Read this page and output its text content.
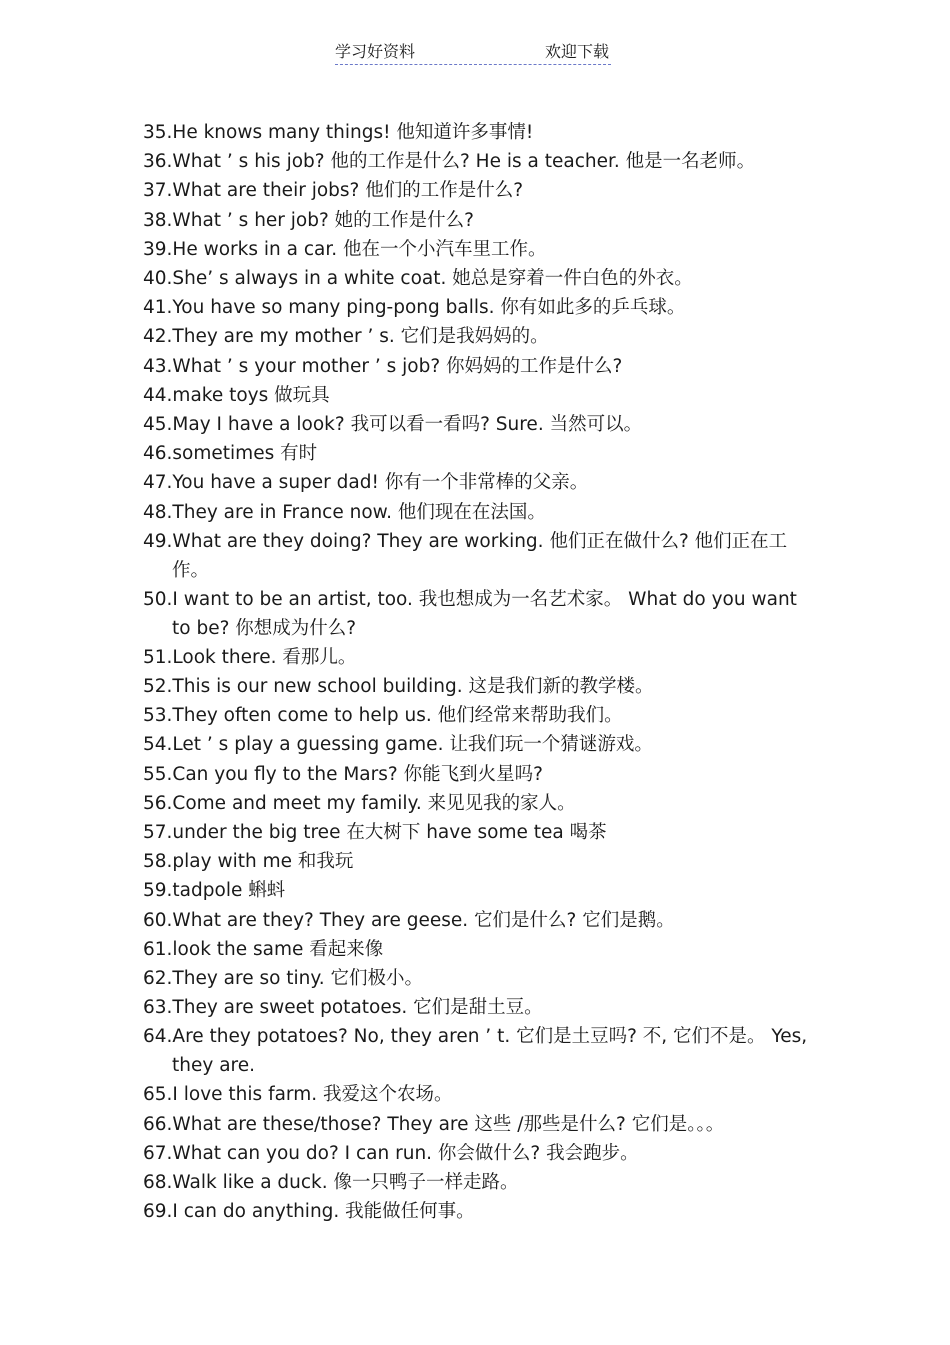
学习好资料	欢迎下载
35.He knows many things! 他知道许多事情!
36.What ’ s his job? 他的工作是什么? He is a teacher. 他是一名老师。
37.What are their jobs? 他们的工作是什么?
38.What ’ s her job? 她的工作是什么?
39.He works in a car. 他在一个小汽车里工作。
40.She’ s always in a white coat. 她总是穿着一件白色的外衣。
41.You have so many ping-pong balls. 你有如此多的乒乓球。
42.They are my mother ’ s. 它们是我妈妈的。
43.What ’ s your mother ’ s job? 你妈妈的工作是什么?
44.make toys 做玩具
45.May I have a look? 我可以看一看吗? Sure. 当然可以。
46.sometimes 有时
47.You have a super dad! 你有一个非常棒的父亲。
48.They are in France now. 他们现在在法国。
49.What are they doing? They are working. 他们正在做什么? 他们正在工作。
50.I want to be an artist, too. 我也想成为一名艺术家。 What do you want to be? 你想成为什么?
51.Look there. 看那儿。
52.This is our new school building. 这是我们新的教学楼。
53.They often come to help us. 他们经常来帮助我们。
54.Let ’ s play a guessing game. 让我们玩一个猜谜游戏。
55.Can you fly to the Mars? 你能飞到火星吗?
56.Come and meet my family. 来见见我的家人。
57.under the big tree 在大树下 have some tea 喝茶
58.play with me 和我玩
59.tadpole 蝌蚪
60.What are they? They are geese. 它们是什么? 它们是鹅。
61.look the same 看起来像
62.They are so tiny. 它们极小。
63.They are sweet potatoes. 它们是甜土豆。
64.Are they potatoes? No, they aren ’ t. 它们是土豆吗? 不, 它们不是。 Yes, they are.
65.I love this farm. 我爱这个农场。
66.What are these/those? They are 这些 /那些是什么? 它们是。。。
67.What can you do? I can run. 你会做什么? 我会跑步。
68.Walk like a duck. 像一只鸭子一样走路。
69.I can do anything. 我能做任何事。
